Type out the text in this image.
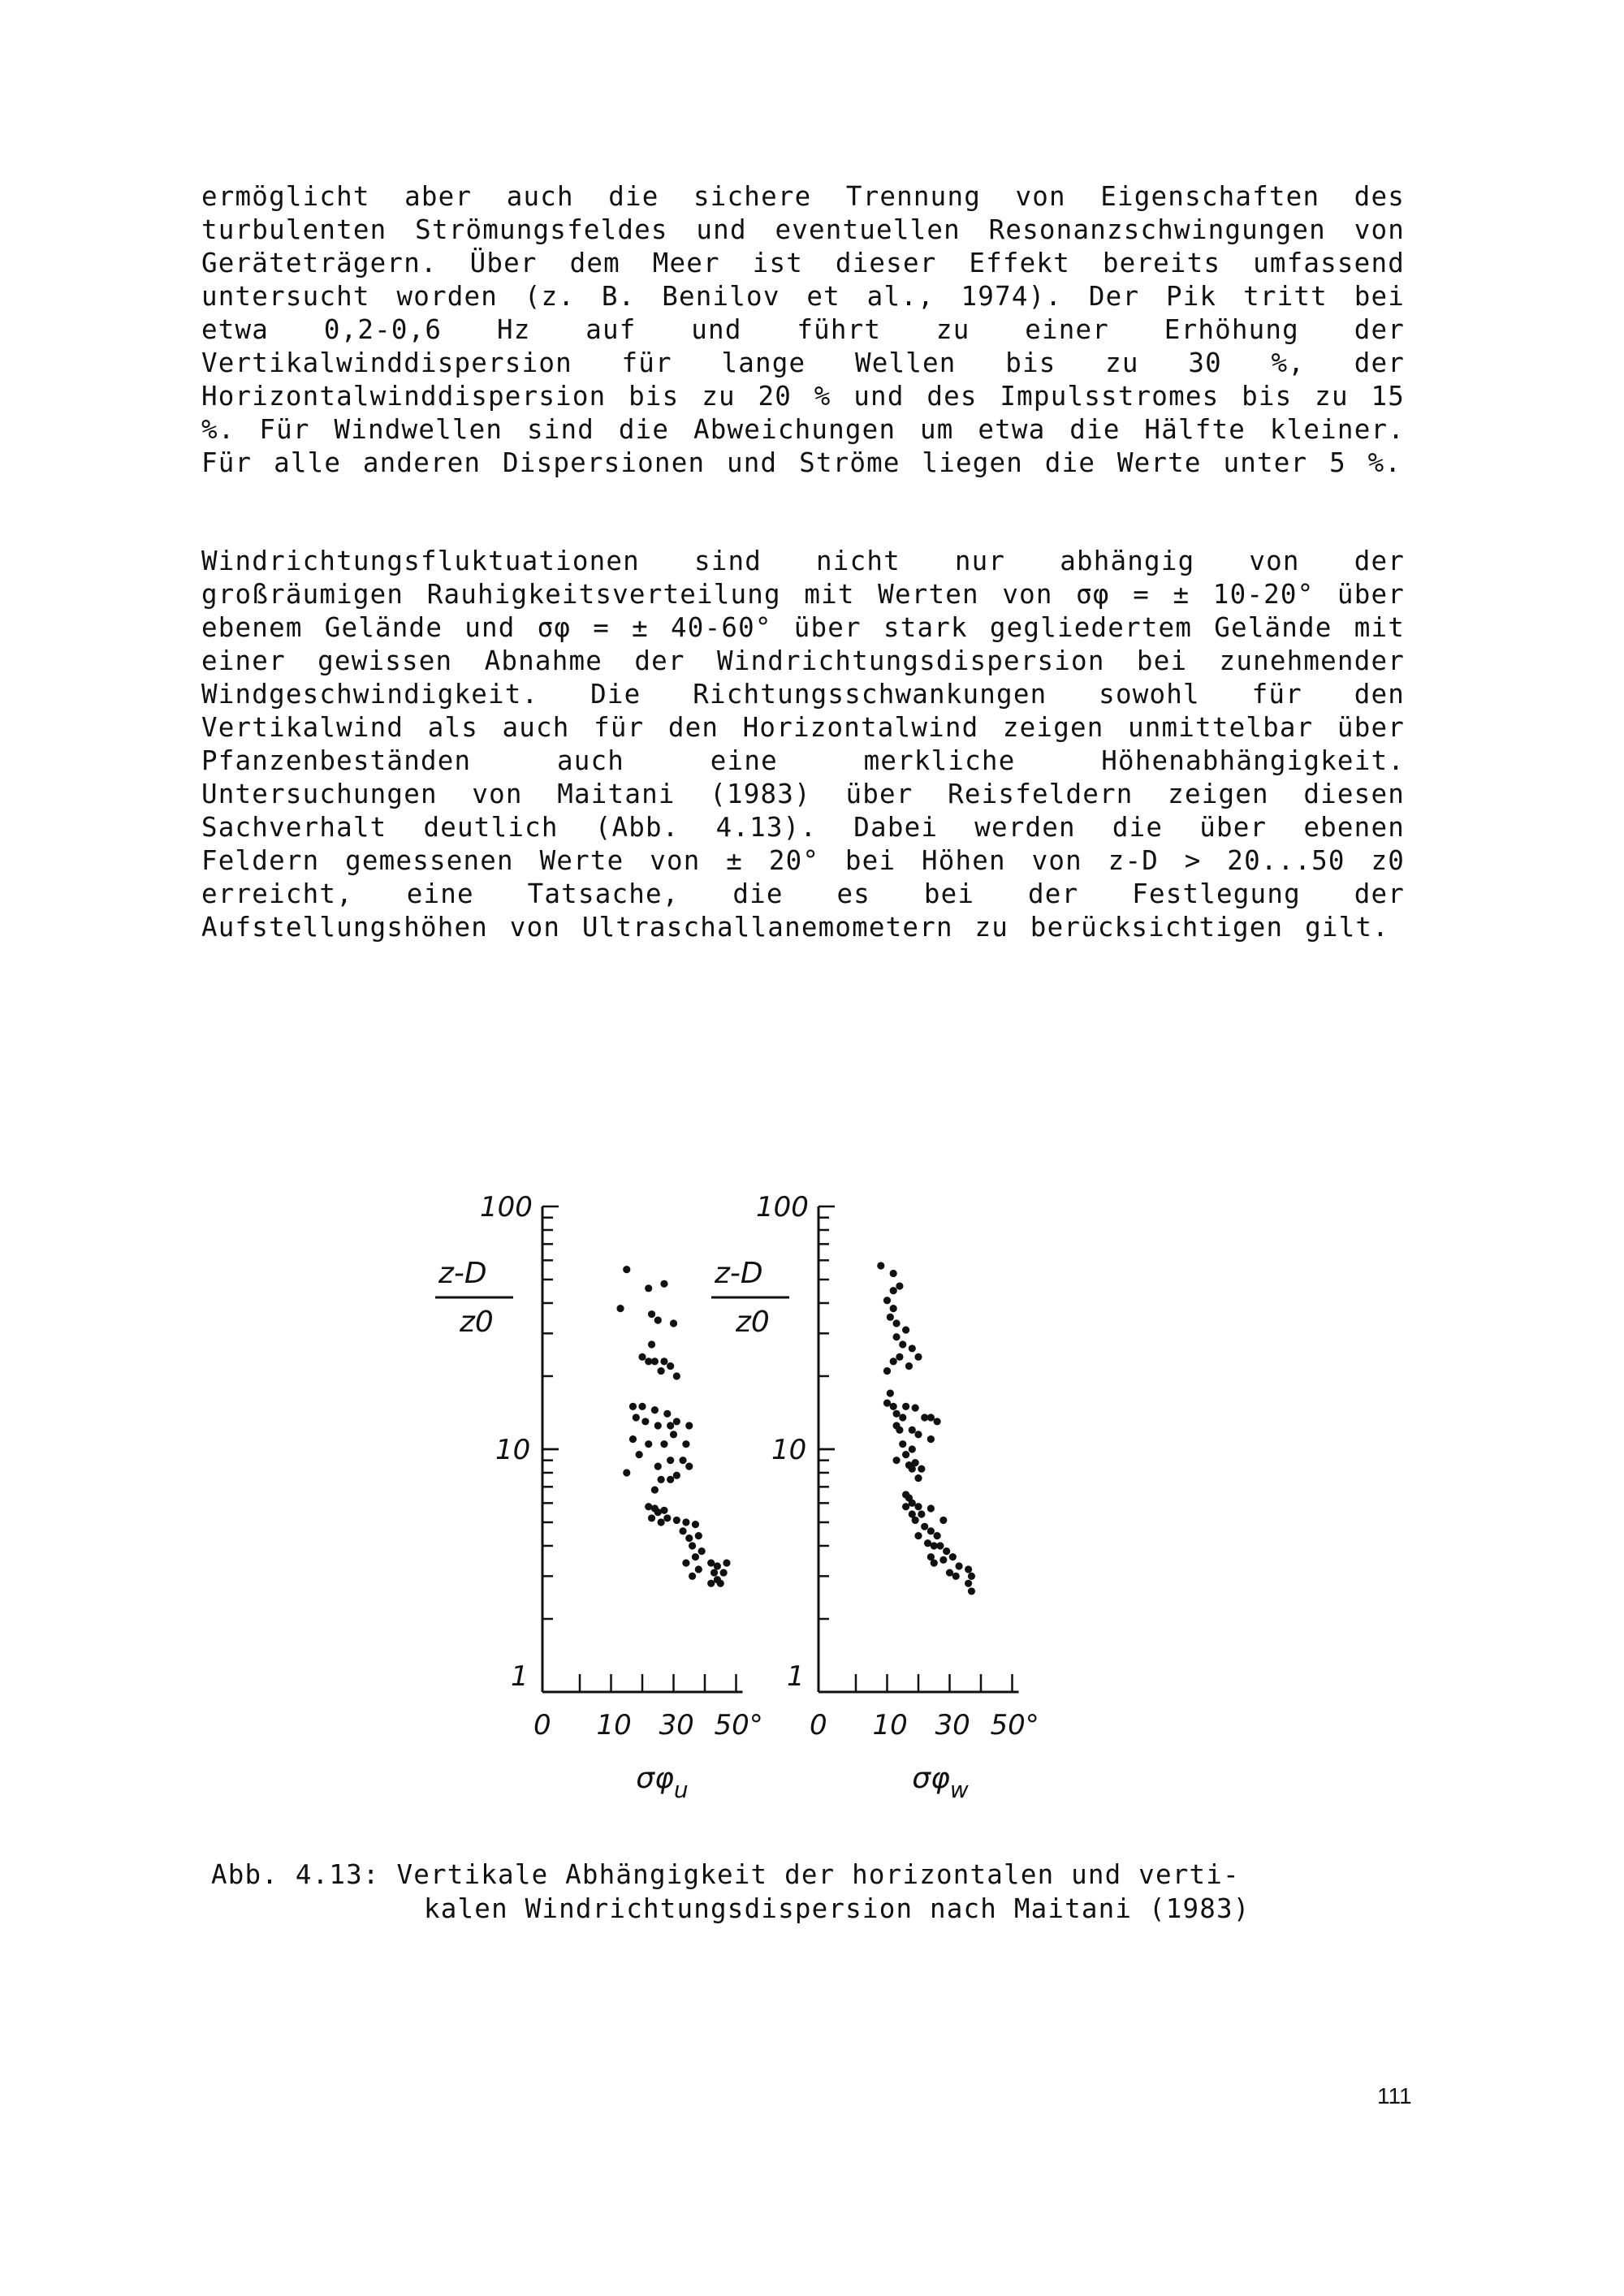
ermöglicht aber auch die sichere Trennung von Eigenschaften des turbulenten Strömungsfeldes und eventuellen Resonanzschwingungen von Geräteträgern. Über dem Meer ist dieser Effekt bereits umfassend untersucht worden (z. B. Benilov et al., 1974). Der Pik tritt bei etwa 0,2-0,6 Hz auf und führt zu einer Erhöhung der Vertikalwinddispersion für lange Wellen bis zu 30 %, der Horizontalwinddispersion bis zu 20 % und des Impulsstromes bis zu 15 %. Für Windwellen sind die Abweichungen um etwa die Hälfte kleiner. Für alle anderen Dispersionen und Ströme liegen die Werte unter 5 %.
Windrichtungsfluktuationen sind nicht nur abhängig von der großräumigen Rauhigkeitsverteilung mit Werten von σφ = ± 10-20° über ebenem Gelände und σφ = ± 40-60° über stark gegliedertem Gelände mit einer gewissen Abnahme der Windrichtungsdispersion bei zunehmender Windgeschwindigkeit. Die Richtungsschwankungen sowohl für den Vertikalwind als auch für den Horizontalwind zeigen unmittelbar über Pfanzenbeständen auch eine merkliche Höhenabhängigkeit. Untersuchungen von Maitani (1983) über Reisfeldern zeigen diesen Sachverhalt deutlich (Abb. 4.13). Dabei werden die über ebenen Feldern gemessenen Werte von ± 20° bei Höhen von z-D > 20...50 z0 erreicht, eine Tatsache, die es bei der Festlegung der Aufstellungshöhen von Ultraschallanemometern zu berücksichtigen gilt.
1
10
100
0 10 30 50°
z-D
z0
$\sigma\varphi_u$
1
10
100
0 10 30 50°
z-D
z0
$\sigma\varphi_w$
Abb. 4.13: Vertikale Abhängigkeit der horizontalen und verti-
kalen Windrichtungsdispersion nach Maitani (1983)
111
